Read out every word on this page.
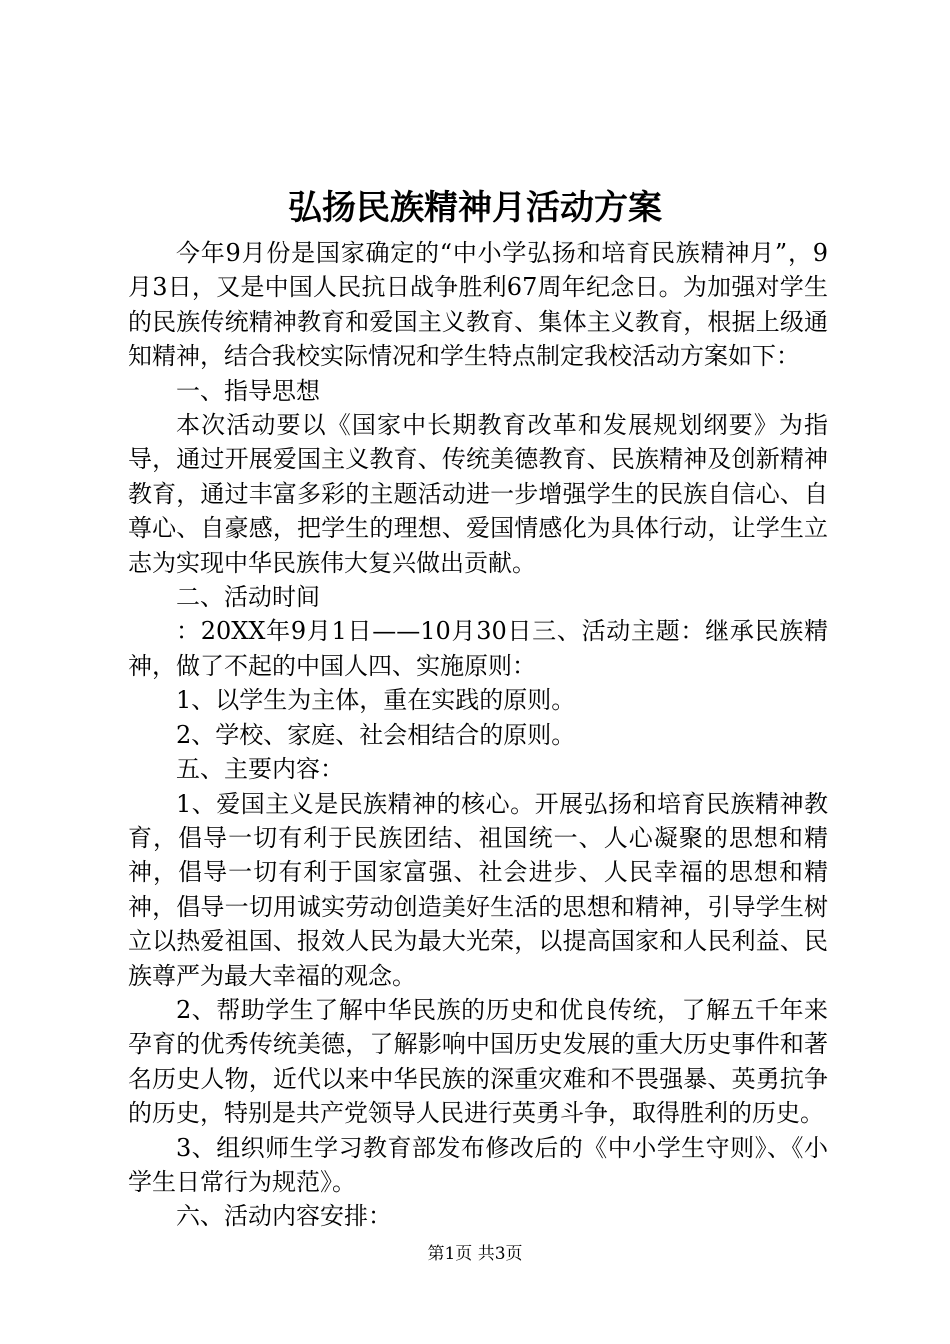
弘扬民族精神月活动方案

今年9月份是国家确定的“中小学弘扬和培育民族精神月”，9月3日，又是中国人民抗日战争胜利67周年纪念日。为加强对学生的民族传统精神教育和爱国主义教育、集体主义教育，根据上级通知精神，结合我校实际情况和学生特点制定我校活动方案如下：

一、指导思想

本次活动要以《国家中长期教育改革和发展规划纲要》为指导，通过开展爱国主义教育、传统美德教育、民族精神及创新精神教育，通过丰富多彩的主题活动进一步增强学生的民族自信心、自尊心、自豪感，把学生的理想、爱国情感化为具体行动，让学生立志为实现中华民族伟大复兴做出贡献。

二、活动时间

：20XX年9月1日——10月30日三、活动主题：继承民族精神，做了不起的中国人四、实施原则：

1、以学生为主体，重在实践的原则。

2、学校、家庭、社会相结合的原则。

五、主要内容：

1、爱国主义是民族精神的核心。开展弘扬和培育民族精神教育，倡导一切有利于民族团结、祖国统一、人心凝聚的思想和精神，倡导一切有利于国家富强、社会进步、人民幸福的思想和精神，倡导一切用诚实劳动创造美好生活的思想和精神，引导学生树立以热爱祖国、报效人民为最大光荣，以提高国家和人民利益、民族尊严为最大幸福的观念。

2、帮助学生了解中华民族的历史和优良传统，了解五千年来孕育的优秀传统美德，了解影响中国历史发展的重大历史事件和著名历史人物，近代以来中华民族的深重灾难和不畏强暴、英勇抗争的历史，特别是共产党领导人民进行英勇斗争，取得胜利的历史。

3、组织师生学习教育部发布修改后的《中小学生守则》、《小学生日常行为规范》。

六、活动内容安排：

第1页 共3页
